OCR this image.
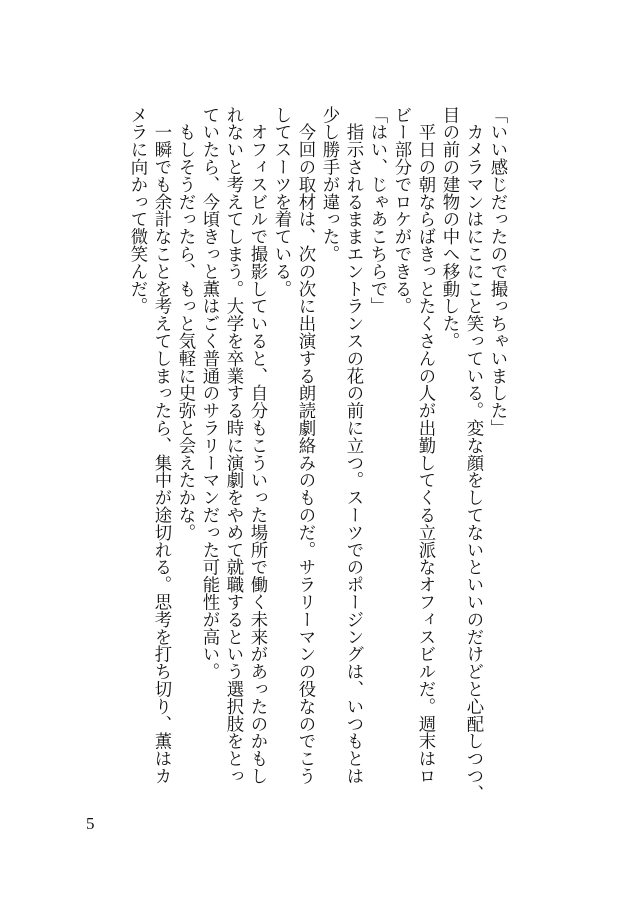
「いい感じだったので撮っちゃいました」
　カメラマンはにこにこと笑っている。変な顔をしてないといいのだけどと心配しつつ、
目の前の建物の中へ移動した。
　平日の朝ならばきっとたくさんの人が出勤してくる立派なオフィスビルだ。週末はロ
ビー部分でロケができる。
「はい、じゃあこちらで」
　指示されるままエントランスの花の前に立つ。スーツでのポージングは、いつもとは
少し勝手が違った。
　今回の取材は、次の次に出演する朗読劇絡みのものだ。サラリーマンの役なのでこう
してスーツを着ている。
　オフィスビルで撮影していると、自分もこういった場所で働く未来があったのかもし
れないと考えてしまう。大学を卒業する時に演劇をやめて就職するという選択肢をとっ
ていたら、今頃きっと薫はごく普通のサラリーマンだった可能性が高い。
　もしそうだったら、もっと気軽に史弥と会えたかな。
　一瞬でも余計なことを考えてしまったら、集中が途切れる。思考を打ち切り、薫はカ
メラに向かって微笑んだ。
5
